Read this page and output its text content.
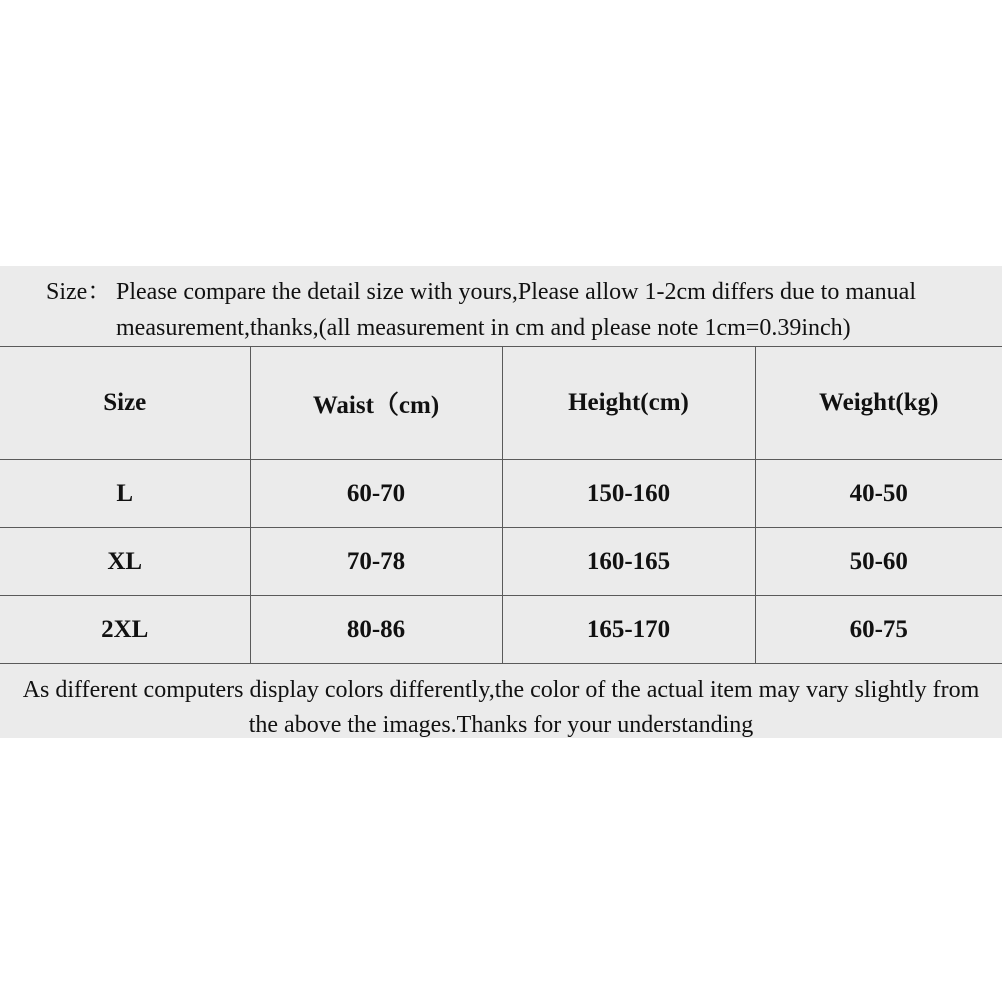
Size： Please compare the detail size with yours,Please allow 1-2cm differs due to manual
measurement,thanks,(all measurement in cm and please note 1cm=0.39inch)
Size	Waist（cm)	Height(cm)	Weight(kg)
L	60-70	150-160	40-50
XL	70-78	160-165	50-60
2XL	80-86	165-170	60-75
As different computers display colors differently,the color of the actual item may vary slightly from
the above the images.Thanks for your understanding
